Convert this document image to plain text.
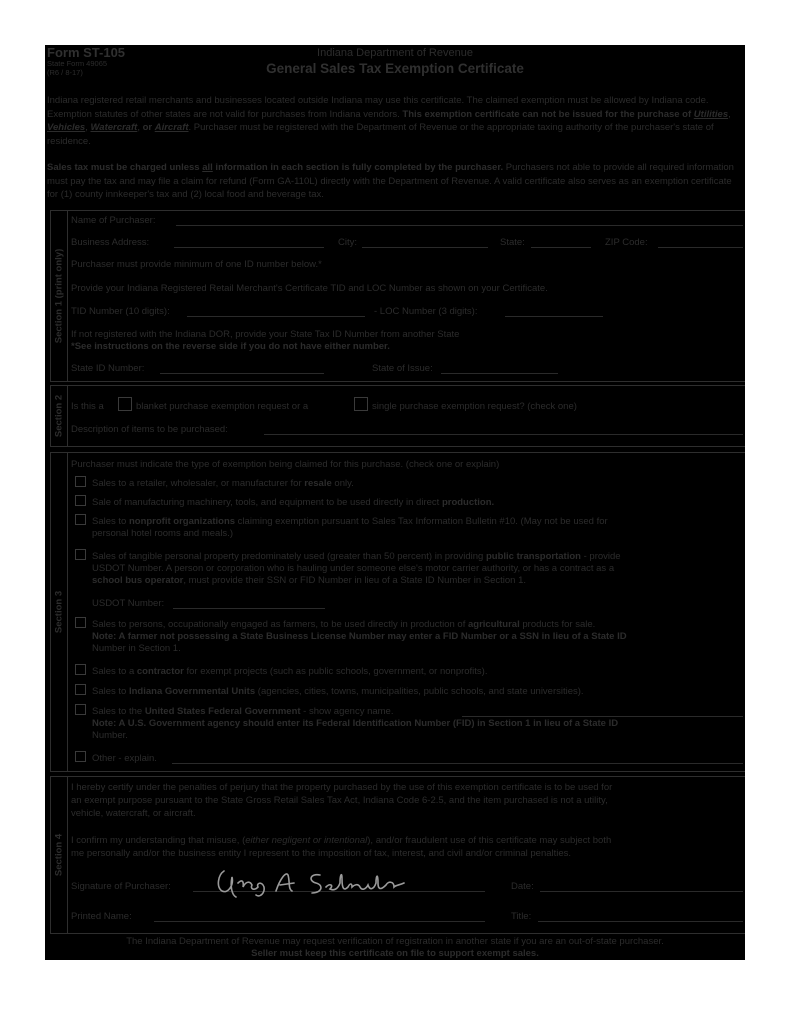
Form ST-105
State Form 49065
(R6 / 8-17)
Indiana Department of Revenue
General Sales Tax Exemption Certificate
Indiana registered retail merchants and businesses located outside Indiana may use this certificate. The claimed exemption must be allowed by Indiana code. Exemption statutes of other states are not valid for purchases from Indiana vendors. This exemption certificate can not be issued for the purchase of Utilities, Vehicles, Watercraft, or Aircraft. Purchaser must be registered with the Department of Revenue or the appropriate taxing authority of the purchaser's state of residence.
Sales tax must be charged unless all information in each section is fully completed by the purchaser. Purchasers not able to provide all required information must pay the tax and may file a claim for refund (Form GA-110L) directly with the Department of Revenue. A valid certificate also serves as an exemption certificate for (1) county innkeeper's tax and (2) local food and beverage tax.
Section 1 (print only)
Name of Purchaser:
Business Address:	City:	State:	ZIP Code:
Purchaser must provide minimum of one ID number below.*
Provide your Indiana Registered Retail Merchant's Certificate TID and LOC Number as shown on your Certificate.
TID Number (10 digits):	- LOC Number (3 digits):
If not registered with the Indiana DOR, provide your State Tax ID Number from another State
*See instructions on the reverse side if you do not have either number.
State ID Number:	State of Issue:
Section 2 Is this a	blanket purchase exemption request or a	single purchase exemption request? (check one)
Description of items to be purchased:
Section 3
Purchaser must indicate the type of exemption being claimed for this purchase. (check one or explain)
Sales to a retailer, wholesaler, or manufacturer for resale only.
Sale of manufacturing machinery, tools, and equipment to be used directly in direct production.
Sales to nonprofit organizations claiming exemption pursuant to Sales Tax Information Bulletin #10. (May not be used for
personal hotel rooms and meals.)
Sales of tangible personal property predominately used (greater than 50 percent) in providing public transportation - provide
USDOT Number. A person or corporation who is hauling under someone else's motor carrier authority, or has a contract as a
school bus operator, must provide their SSN or FID Number in lieu of a State ID Number in Section 1.
USDOT Number:
Sales to persons, occupationally engaged as farmers, to be used directly in production of agricultural products for sale.
Note: A farmer not possessing a State Business License Number may enter a FID Number or a SSN in lieu of a State ID
Number in Section 1.
Sales to a contractor for exempt projects (such as public schools, government, or nonprofits).
Sales to Indiana Governmental Units (agencies, cities, towns, municipalities, public schools, and state universities).
Sales to the United States Federal Government - show agency name.
Note: A U.S. Government agency should enter its Federal Identification Number (FID) in Section 1 in lieu of a State ID
Number.
Other - explain.
Section 4
I hereby certify under the penalties of perjury that the property purchased by the use of this exemption certificate is to be used for
an exempt purpose pursuant to the State Gross Retail Sales Tax Act, Indiana Code 6-2.5, and the item purchased is not a utility,
vehicle, watercraft, or aircraft.
I confirm my understanding that misuse, (either negligent or intentional), and/or fraudulent use of this certificate may subject both
me personally and/or the business entity I represent to the imposition of tax, interest, and civil and/or criminal penalties.
Signature of Purchaser:	Date:
Printed Name:	Title:
The Indiana Department of Revenue may request verification of registration in another state if you are an out-of-state purchaser.
Seller must keep this certificate on file to support exempt sales.
